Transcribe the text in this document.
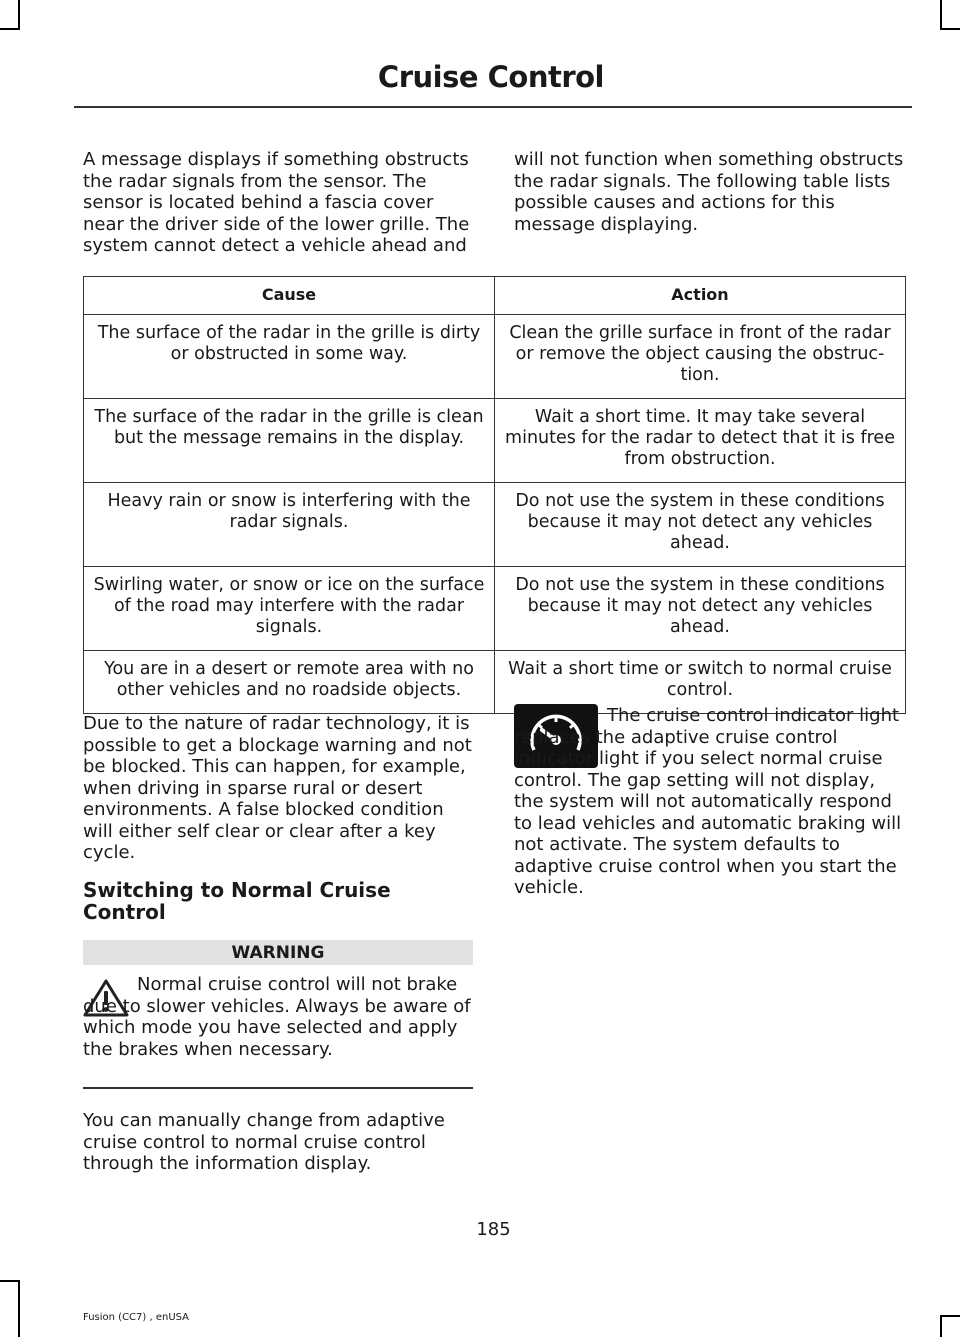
Cruise Control

A message displays if something obstructs the radar signals from the sensor. The sensor is located behind a fascia cover near the driver side of the lower grille. The system cannot detect a vehicle ahead and

will not function when something obstructs the radar signals. The following table lists possible causes and actions for this message displaying.

Cause	Action
The surface of the radar in the grille is dirty or obstructed in some way.	Clean the grille surface in front of the radar or remove the object causing the obstruc-tion.
The surface of the radar in the grille is clean but the message remains in the display.	Wait a short time. It may take several minutes for the radar to detect that it is free from obstruction.
Heavy rain or snow is interfering with the radar signals.	Do not use the system in these conditions because it may not detect any vehicles ahead.
Swirling water, or snow or ice on the surface of the road may interfere with the radar signals.	Do not use the system in these conditions because it may not detect any vehicles ahead.
You are in a desert or remote area with no other vehicles and no roadside objects.	Wait a short time or switch to normal cruise control.

Due to the nature of radar technology, it is possible to get a blockage warning and not be blocked. This can happen, for example, when driving in sparse rural or desert environments. A false blocked condition will either self clear or clear after a key cycle.

Switching to Normal Cruise Control
WARNING

Normal cruise control will not brake due to slower vehicles. Always be aware of which mode you have selected and apply the brakes when necessary.

You can manually change from adaptive cruise control to normal cruise control through the information display.

The cruise control indicator light replaces the adaptive cruise control indicator light if you select normal cruise control. The gap setting will not display, the system will not automatically respond to lead vehicles and automatic braking will not activate. The system defaults to adaptive cruise control when you start the vehicle.

185

Fusion (CC7) , enUSA
